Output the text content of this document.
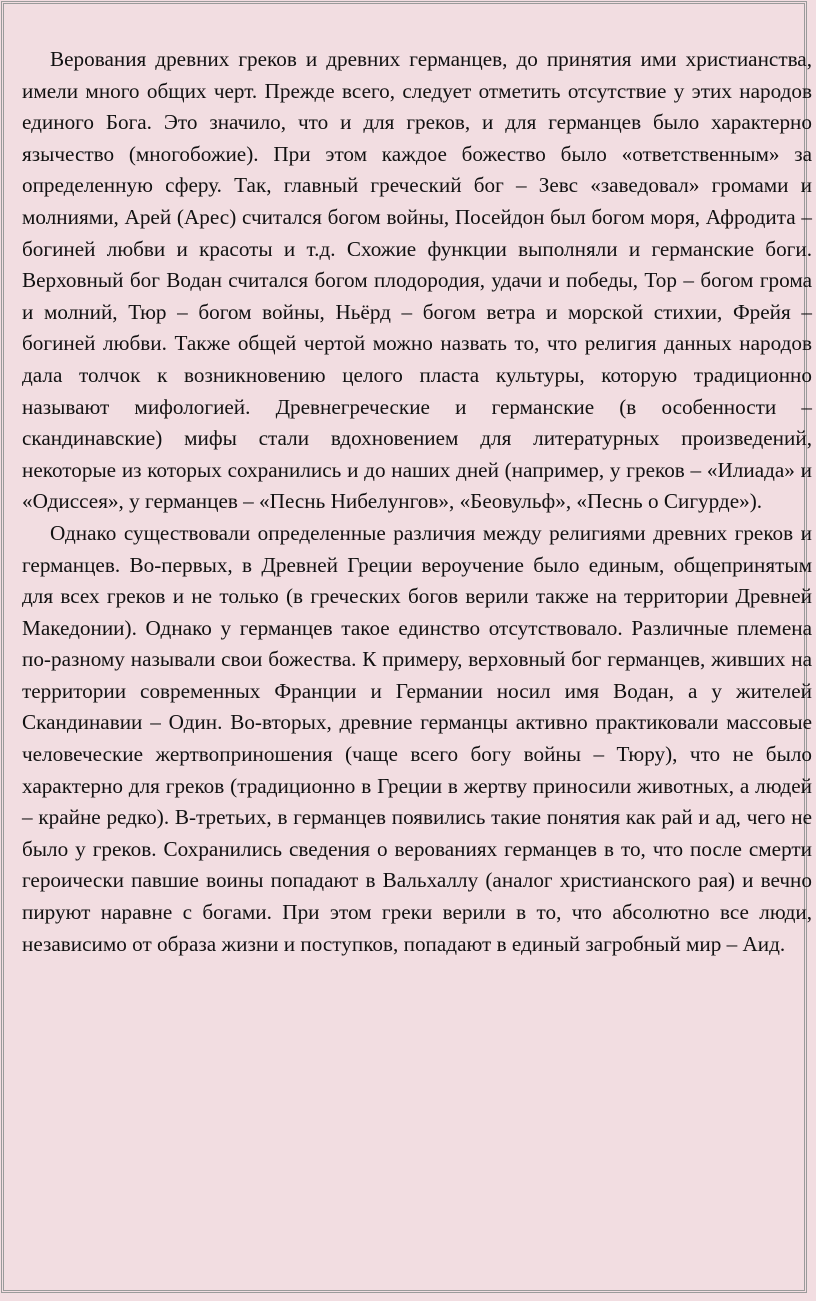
Верования древних греков и древних германцев, до принятия ими христианства, имели много общих черт. Прежде всего, следует отметить отсутствие у этих народов единого Бога. Это значило, что и для греков, и для германцев было характерно язычество (многобожие). При этом каждое божество было «ответственным» за определенную сферу. Так, главный греческий бог – Зевс «заведовал» громами и молниями, Арей (Арес) считался богом войны, Посейдон был богом моря, Афродита – богиней любви и красоты и т.д. Схожие функции выполняли и германские боги. Верховный бог Водан считался богом плодородия, удачи и победы, Тор – богом грома и молний, Тюр – богом войны, Ньёрд – богом ветра и морской стихии, Фрейя – богиней любви. Также общей чертой можно назвать то, что религия данных народов дала толчок к возникновению целого пласта культуры, которую традиционно называют мифологией. Древнегреческие и германские (в особенности – скандинавские) мифы стали вдохновением для литературных произведений, некоторые из которых сохранились и до наших дней (например, у греков – «Илиада» и «Одиссея», у германцев – «Песнь Нибелунгов», «Беовульф», «Песнь о Сигурде»).

Однако существовали определенные различия между религиями древних греков и германцев. Во-первых, в Древней Греции вероучение было единым, общепринятым для всех греков и не только (в греческих богов верили также на территории Древней Македонии). Однако у германцев такое единство отсутствовало. Различные племена по-разному называли свои божества. К примеру, верховный бог германцев, живших на территории современных Франции и Германии носил имя Водан, а у жителей Скандинавии – Один. Во-вторых, древние германцы активно практиковали массовые человеческие жертвоприношения (чаще всего богу войны – Тюру), что не было характерно для греков (традиционно в Греции в жертву приносили животных, а людей – крайне редко). В-третьих, в германцев появились такие понятия как рай и ад, чего не было у греков. Сохранились сведения о верованиях германцев в то, что после смерти героически павшие воины попадают в Вальхаллу (аналог христианского рая) и вечно пируют наравне с богами. При этом греки верили в то, что абсолютно все люди, независимо от образа жизни и поступков, попадают в единый загробный мир – Аид.
